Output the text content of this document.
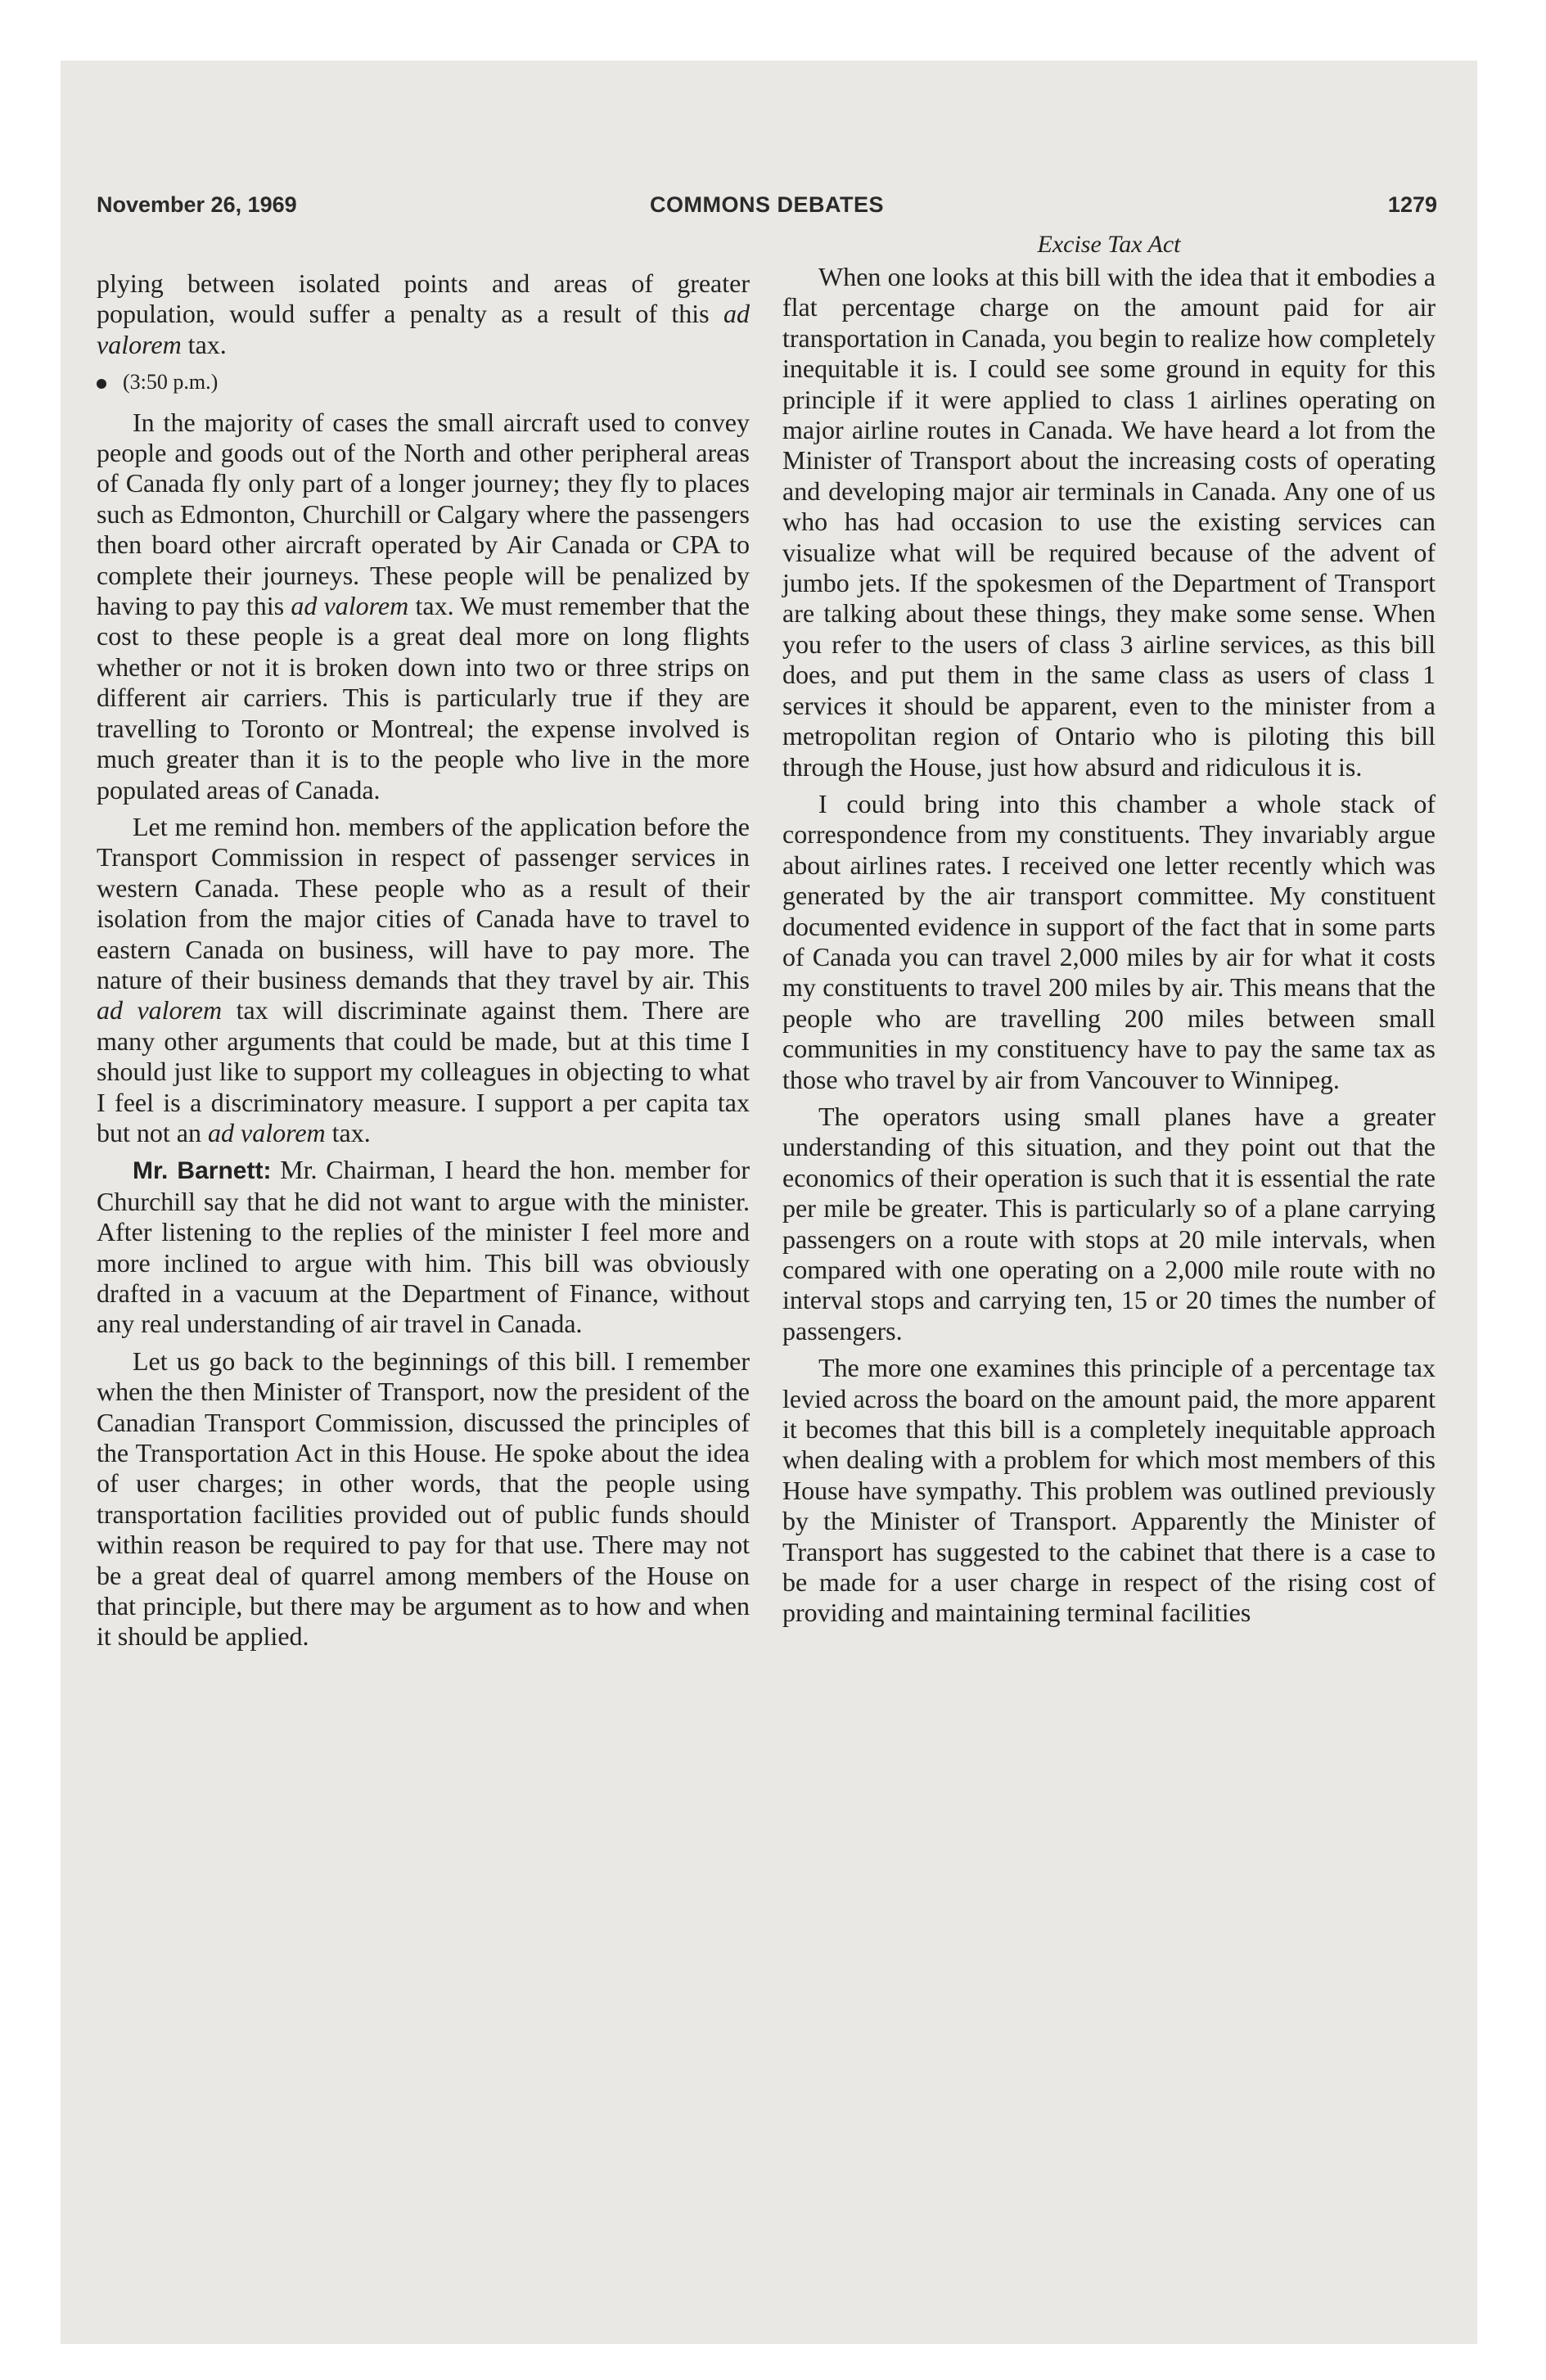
November 26, 1969	COMMONS DEBATES	1279

plying between isolated points and areas of greater population, would suffer a penalty as a result of this ad valorem tax.

(3:50 p.m.)

In the majority of cases the small aircraft used to convey people and goods out of the North and other peripheral areas of Canada fly only part of a longer journey; they fly to places such as Edmonton, Churchill or Calgary where the passengers then board other aircraft operated by Air Canada or CPA to complete their journeys. These people will be penalized by having to pay this ad valorem tax. We must remember that the cost to these people is a great deal more on long flights whether or not it is broken down into two or three strips on different air carriers. This is particularly true if they are travelling to Toronto or Montreal; the expense involved is much greater than it is to the people who live in the more populated areas of Canada.

Let me remind hon. members of the application before the Transport Commission in respect of passenger services in western Canada. These people who as a result of their isolation from the major cities of Canada have to travel to eastern Canada on business, will have to pay more. The nature of their business demands that they travel by air. This ad valorem tax will discriminate against them. There are many other arguments that could be made, but at this time I should just like to support my colleagues in objecting to what I feel is a discriminatory measure. I support a per capita tax but not an ad valorem tax.

Mr. Barnett: Mr. Chairman, I heard the hon. member for Churchill say that he did not want to argue with the minister. After listening to the replies of the minister I feel more and more inclined to argue with him. This bill was obviously drafted in a vacuum at the Department of Finance, without any real understanding of air travel in Canada.

Let us go back to the beginnings of this bill. I remember when the then Minister of Transport, now the president of the Canadian Transport Commission, discussed the principles of the Transportation Act in this House. He spoke about the idea of user charges; in other words, that the people using transportation facilities provided out of public funds should within reason be required to pay for that use. There may not be a great deal of quarrel among members of the House on that principle, but there may be argument as to how and when it should be applied.

Excise Tax Act

When one looks at this bill with the idea that it embodies a flat percentage charge on the amount paid for air transportation in Canada, you begin to realize how completely inequitable it is. I could see some ground in equity for this principle if it were applied to class 1 airlines operating on major airline routes in Canada. We have heard a lot from the Minister of Transport about the increasing costs of operating and developing major air terminals in Canada. Any one of us who has had occasion to use the existing services can visualize what will be required because of the advent of jumbo jets. If the spokesmen of the Department of Transport are talking about these things, they make some sense. When you refer to the users of class 3 airline services, as this bill does, and put them in the same class as users of class 1 services it should be apparent, even to the minister from a metropolitan region of Ontario who is piloting this bill through the House, just how absurd and ridiculous it is.

I could bring into this chamber a whole stack of correspondence from my constituents. They invariably argue about airlines rates. I received one letter recently which was generated by the air transport committee. My constituent documented evidence in support of the fact that in some parts of Canada you can travel 2,000 miles by air for what it costs my constituents to travel 200 miles by air. This means that the people who are travelling 200 miles between small communities in my constituency have to pay the same tax as those who travel by air from Vancouver to Winnipeg.

The operators using small planes have a greater understanding of this situation, and they point out that the economics of their operation is such that it is essential the rate per mile be greater. This is particularly so of a plane carrying passengers on a route with stops at 20 mile intervals, when compared with one operating on a 2,000 mile route with no interval stops and carrying ten, 15 or 20 times the number of passengers.

The more one examines this principle of a percentage tax levied across the board on the amount paid, the more apparent it becomes that this bill is a completely inequitable approach when dealing with a problem for which most members of this House have sympathy. This problem was outlined previously by the Minister of Transport. Apparently the Minister of Transport has suggested to the cabinet that there is a case to be made for a user charge in respect of the rising cost of providing and maintaining terminal facilities
